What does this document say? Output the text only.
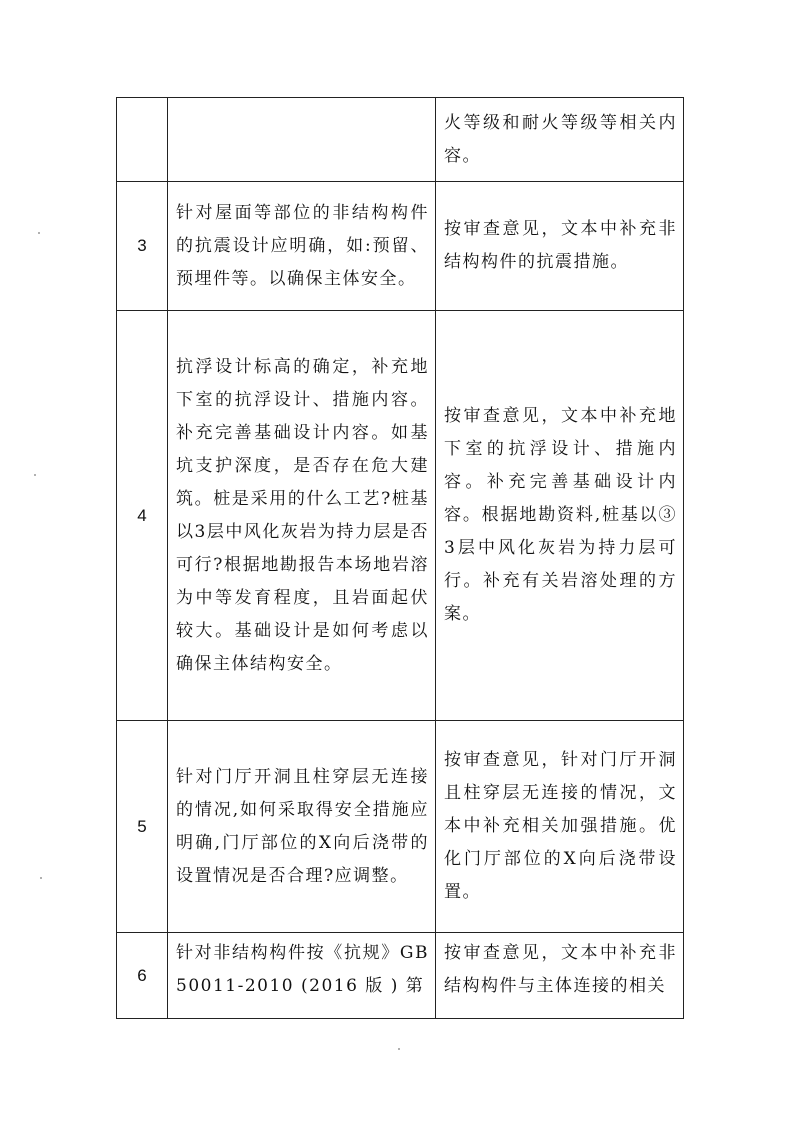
		火等级和耐火等级等相关内容。

3	针对屋面等部位的非结构构件的抗震设计应明确，如:预留、预埋件等。以确保主体安全。	按审查意见，文本中补充非结构构件的抗震措施。

4	抗浮设计标高的确定，补充地下室的抗浮设计、措施内容。补充完善基础设计内容。如基坑支护深度，是否存在危大建筑。桩是采用的什么工艺?桩基以3层中风化灰岩为持力层是否可行?根据地勘报告本场地岩溶为中等发育程度，且岩面起伏较大。基础设计是如何考虑以确保主体结构安全。	按审查意见，文本中补充地下室的抗浮设计、措施内容。补充完善基础设计内容。根据地勘资料,桩基以③3层中风化灰岩为持力层可行。补充有关岩溶处理的方案。

5	针对门厅开洞且柱穿层无连接的情况,如何采取得安全措施应明确,门厅部位的X向后浇带的设置情况是否合理?应调整。	按审查意见，针对门厅开洞且柱穿层无连接的情况，文本中补充相关加强措施。优化门厅部位的X向后浇带设置。

6	针对非结构构件按《抗规》GB50011-2010 (2016 版 ) 第	按审查意见，文本中补充非结构构件与主体连接的相关
